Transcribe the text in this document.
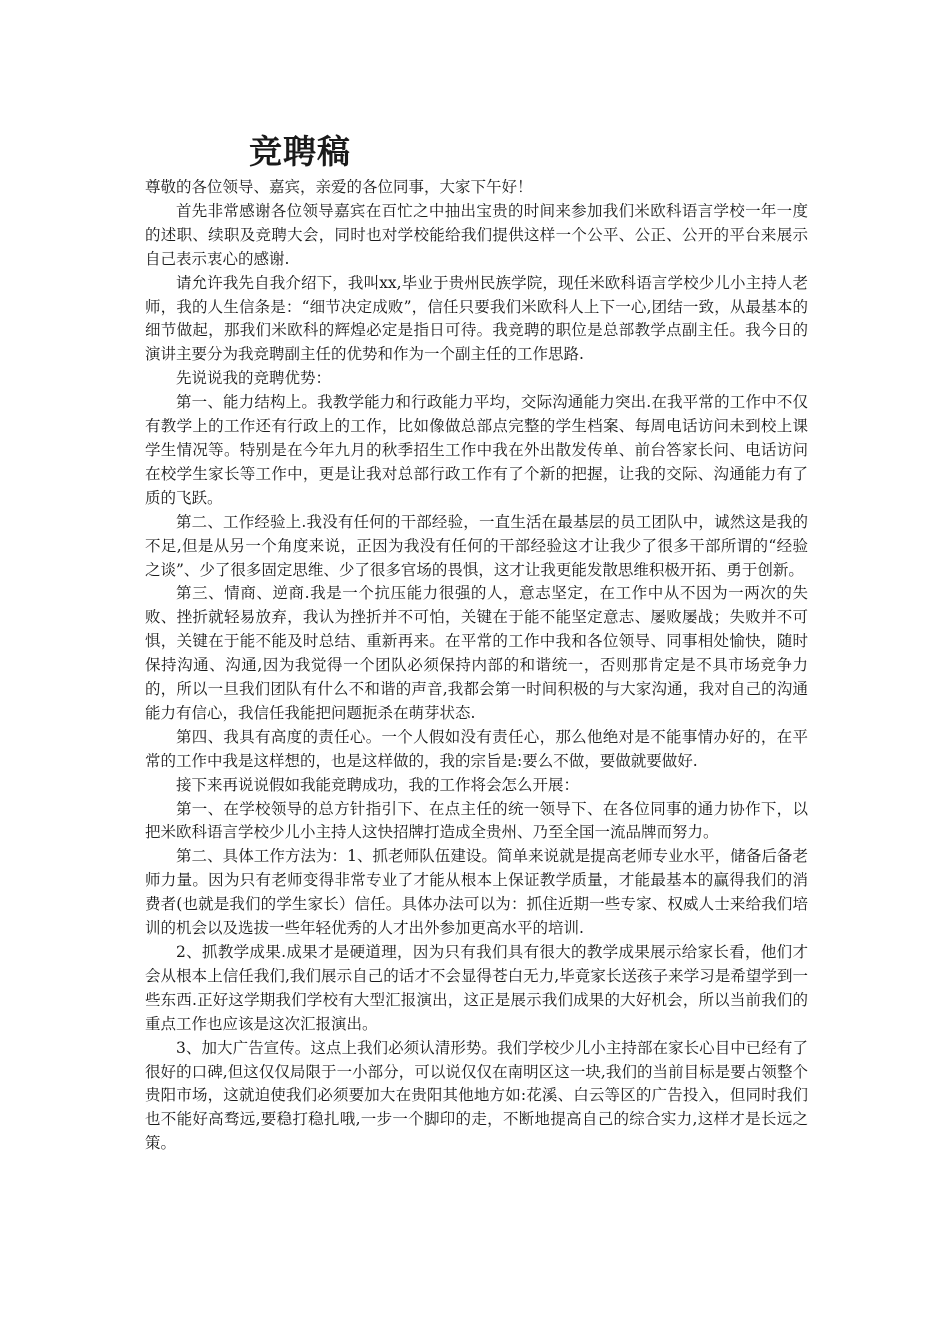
竞聘稿

尊敬的各位领导、嘉宾，亲爱的各位同事，大家下午好！

首先非常感谢各位领导嘉宾在百忙之中抽出宝贵的时间来参加我们米欧科语言学校一年一度的述职、续职及竞聘大会，同时也对学校能给我们提供这样一个公平、公正、公开的平台来展示自己表示衷心的感谢.

请允许我先自我介绍下，我叫xx,毕业于贵州民族学院，现任米欧科语言学校少儿小主持人老师，我的人生信条是：“细节决定成败”，信任只要我们米欧科人上下一心,团结一致，从最基本的细节做起，那我们米欧科的辉煌必定是指日可待。我竞聘的职位是总部教学点副主任。我今日的演讲主要分为我竞聘副主任的优势和作为一个副主任的工作思路.

先说说我的竞聘优势：

第一、能力结构上。我教学能力和行政能力平均，交际沟通能力突出.在我平常的工作中不仅有教学上的工作还有行政上的工作，比如像做总部点完整的学生档案、每周电话访问未到校上课学生情况等。特别是在今年九月的秋季招生工作中我在外出散发传单、前台答家长问、电话访问在校学生家长等工作中，更是让我对总部行政工作有了个新的把握，让我的交际、沟通能力有了质的飞跃。

第二、工作经验上.我没有任何的干部经验，一直生活在最基层的员工团队中，诚然这是我的不足,但是从另一个角度来说，正因为我没有任何的干部经验这才让我少了很多干部所谓的“经验之谈”、少了很多固定思维、少了很多官场的畏惧，这才让我更能发散思维积极开拓、勇于创新。

第三、情商、逆商.我是一个抗压能力很强的人，意志坚定，在工作中从不因为一两次的失败、挫折就轻易放弃，我认为挫折并不可怕，关键在于能不能坚定意志、屡败屡战；失败并不可惧，关键在于能不能及时总结、重新再来。在平常的工作中我和各位领导、同事相处愉快，随时保持沟通、沟通,因为我觉得一个团队必须保持内部的和谐统一，否则那肯定是不具市场竞争力的，所以一旦我们团队有什么不和谐的声音,我都会第一时间积极的与大家沟通，我对自己的沟通能力有信心，我信任我能把问题扼杀在萌芽状态.

第四、我具有高度的责任心。一个人假如没有责任心，那么他绝对是不能事情办好的，在平常的工作中我是这样想的，也是这样做的，我的宗旨是:要么不做，要做就要做好.

接下来再说说假如我能竞聘成功，我的工作将会怎么开展：

第一、在学校领导的总方针指引下、在点主任的统一领导下、在各位同事的通力协作下，以把米欧科语言学校少儿小主持人这快招牌打造成全贵州、乃至全国一流品牌而努力。

第二、具体工作方法为：1、抓老师队伍建设。简单来说就是提高老师专业水平，储备后备老师力量。因为只有老师变得非常专业了才能从根本上保证教学质量，才能最基本的赢得我们的消费者(也就是我们的学生家长）信任。具体办法可以为：抓住近期一些专家、权威人士来给我们培训的机会以及选拔一些年轻优秀的人才出外参加更高水平的培训.

2、抓教学成果.成果才是硬道理，因为只有我们具有很大的教学成果展示给家长看，他们才会从根本上信任我们,我们展示自己的话才不会显得苍白无力,毕竟家长送孩子来学习是希望学到一些东西.正好这学期我们学校有大型汇报演出，这正是展示我们成果的大好机会，所以当前我们的重点工作也应该是这次汇报演出。

3、加大广告宣传。这点上我们必须认清形势。我们学校少儿小主持部在家长心目中已经有了很好的口碑,但这仅仅局限于一小部分，可以说仅仅在南明区这一块,我们的当前目标是要占领整个贵阳市场，这就迫使我们必须要加大在贵阳其他地方如:花溪、白云等区的广告投入，但同时我们也不能好高骛远,要稳打稳扎哦,一步一个脚印的走，不断地提高自己的综合实力,这样才是长远之策。
